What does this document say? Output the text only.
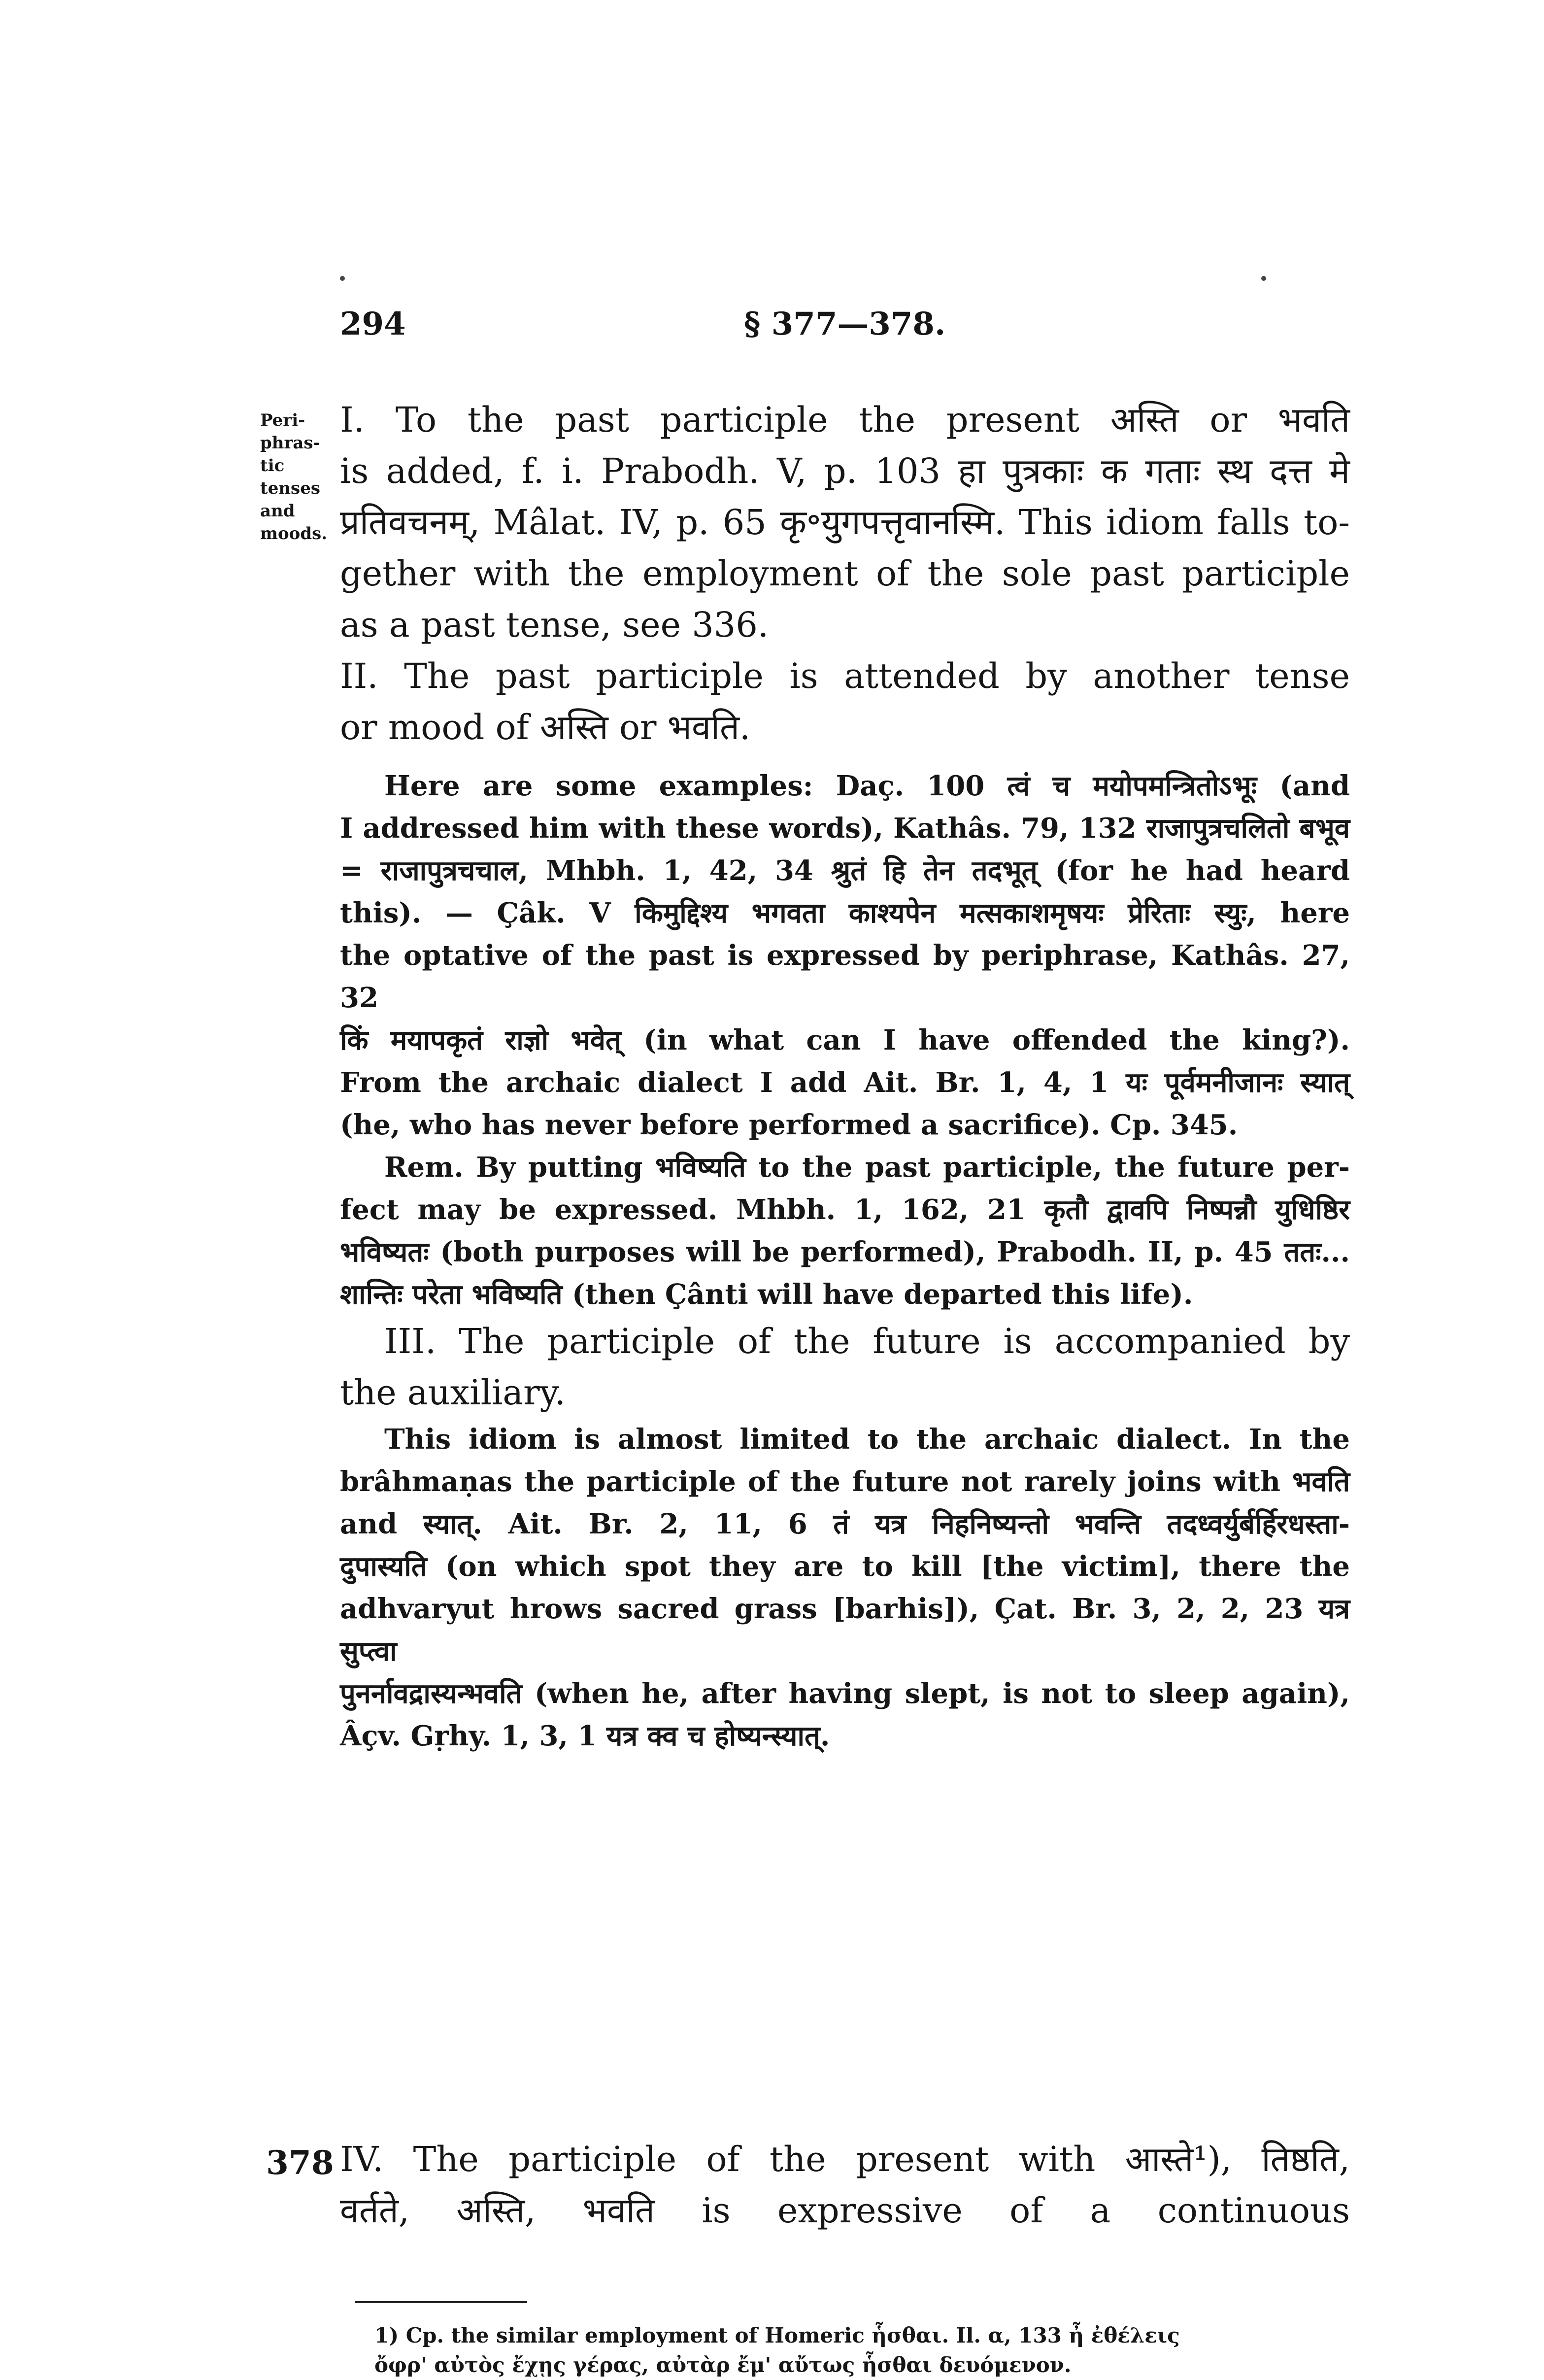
294	§ 377—378.
Peri-
phras-
tic
tenses
and
moods.
I. To the past participle the present अस्ति or भवति
is added, f. i. Prabodh. V, p. 103 हा पुत्रकाः क गताः स्थ दत्त मे
प्रतिवचनम्, Mâlat. IV, p. 65 कृ॰युगपत्तृवानस्मि. This idiom falls to-
gether with the employment of the sole past participle
as a past tense, see 336.
II. The past participle is attended by another tense
or mood of अस्ति or भवति.
Here are some examples: Daç. 100 त्वं च मयोपमन्त्रितोऽभूः (and
I addressed him with these words), Kathâs. 79, 132 राजापुत्रचलितो बभूव
= राजापुत्रचचाल, Mhbh. 1, 42, 34 श्रुतं हि तेन तदभूत् (for he had heard
this). — Çâk. V किमुद्दिश्य भगवता काश्यपेन मत्सकाशमृषयः प्रेरिताः स्युः, here
the optative of the past is expressed by periphrase, Kathâs. 27, 32
किं मयापकृतं राज्ञो भवेत् (in what can I have offended the king?).
From the archaic dialect I add Ait. Br. 1, 4, 1 यः पूर्वमनीजानः स्यात्
(he, who has never before performed a sacrifice). Cp. 345.
Rem. By putting भविष्यति to the past participle, the future per-
fect may be expressed. Mhbh. 1, 162, 21 कृतौ द्वावपि निष्पन्नौ युधिष्ठिर
भविष्यतः (both purposes will be performed), Prabodh. II, p. 45 ततः...
शान्तिः परेता भविष्यति (then Çânti will have departed this life).
III. The participle of the future is accompanied by
the auxiliary.
This idiom is almost limited to the archaic dialect. In the
brâhmaṇas the participle of the future not rarely joins with भवति
and स्यात्. Ait. Br. 2, 11, 6 तं यत्र निहनिष्यन्तो भवन्ति तदध्वर्युर्बर्हिरधस्ता-
दुपास्यति (on which spot they are to kill [the victim], there the
adhvaryut hrows sacred grass [barhis]), Çat. Br. 3, 2, 2, 23 यत्र सुप्त्वा
पुनर्नावद्रास्यन्भवति (when he, after having slept, is not to sleep again),
Âçv. Gṛhy. 1, 3, 1 यत्र क्व च होष्यन्स्यात्.
378 IV. The participle of the present with आस्ते¹), तिष्ठति,
वर्तते, अस्ति, भवति is expressive of a continuous
1) Cp. the similar employment of Homeric ἧσθαι. Il. α, 133 ἦ ἐθέλεις
ὄφρ' αὐτὸς ἔχῃς γέρας, αὐτὰρ ἔμ' αὔτως ἧσθαι δευόμενον.
